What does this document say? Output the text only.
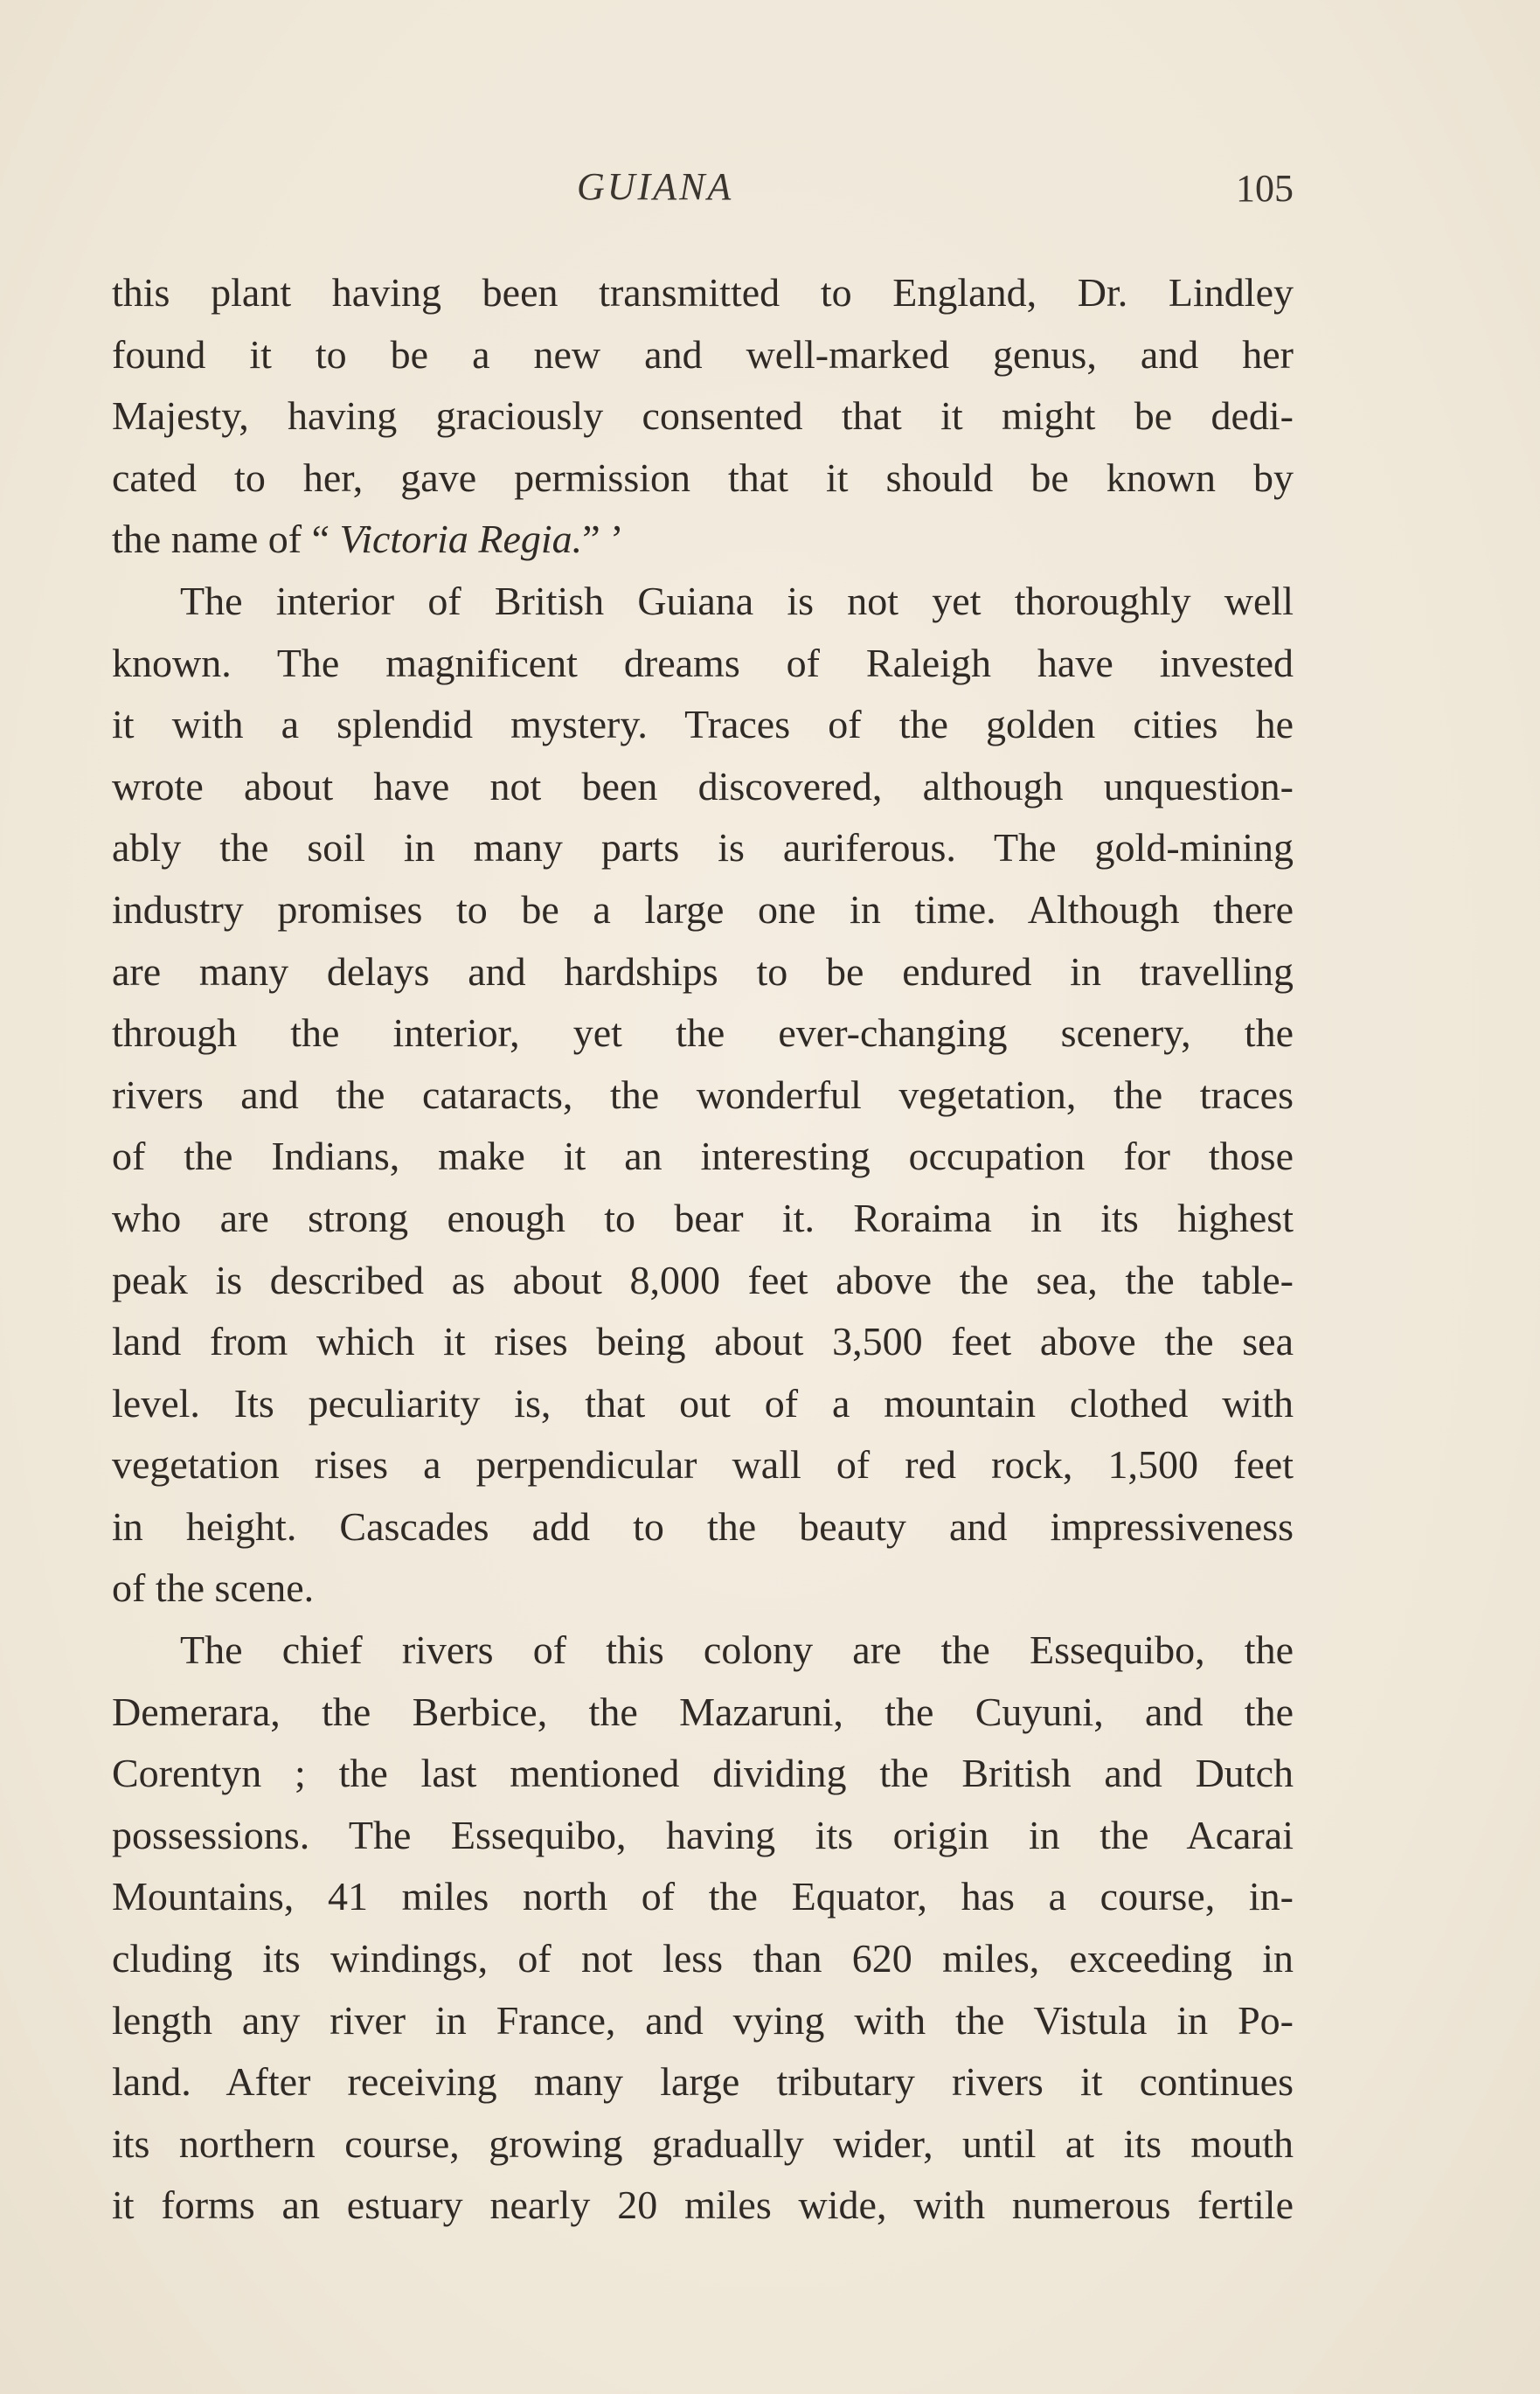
GUIANA	105
this plant having been transmitted to England, Dr. Lindley
found it to be a new and well-marked genus, and her
Majesty, having graciously consented that it might be dedi-
cated to her, gave permission that it should be known by
the name of “ Victoria Regia.” ’
The interior of British Guiana is not yet thoroughly well
known. The magnificent dreams of Raleigh have invested
it with a splendid mystery. Traces of the golden cities he
wrote about have not been discovered, although unquestion-
ably the soil in many parts is auriferous. The gold-mining
industry promises to be a large one in time. Although there
are many delays and hardships to be endured in travelling
through the interior, yet the ever-changing scenery, the
rivers and the cataracts, the wonderful vegetation, the traces
of the Indians, make it an interesting occupation for those
who are strong enough to bear it. Roraima in its highest
peak is described as about 8,000 feet above the sea, the table-
land from which it rises being about 3,500 feet above the sea
level. Its peculiarity is, that out of a mountain clothed with
vegetation rises a perpendicular wall of red rock, 1,500 feet
in height. Cascades add to the beauty and impressiveness
of the scene.
The chief rivers of this colony are the Essequibo, the
Demerara, the Berbice, the Mazaruni, the Cuyuni, and the
Corentyn ; the last mentioned dividing the British and Dutch
possessions. The Essequibo, having its origin in the Acarai
Mountains, 41 miles north of the Equator, has a course, in-
cluding its windings, of not less than 620 miles, exceeding in
length any river in France, and vying with the Vistula in Po-
land. After receiving many large tributary rivers it continues
its northern course, growing gradually wider, until at its mouth
it forms an estuary nearly 20 miles wide, with numerous fertile
